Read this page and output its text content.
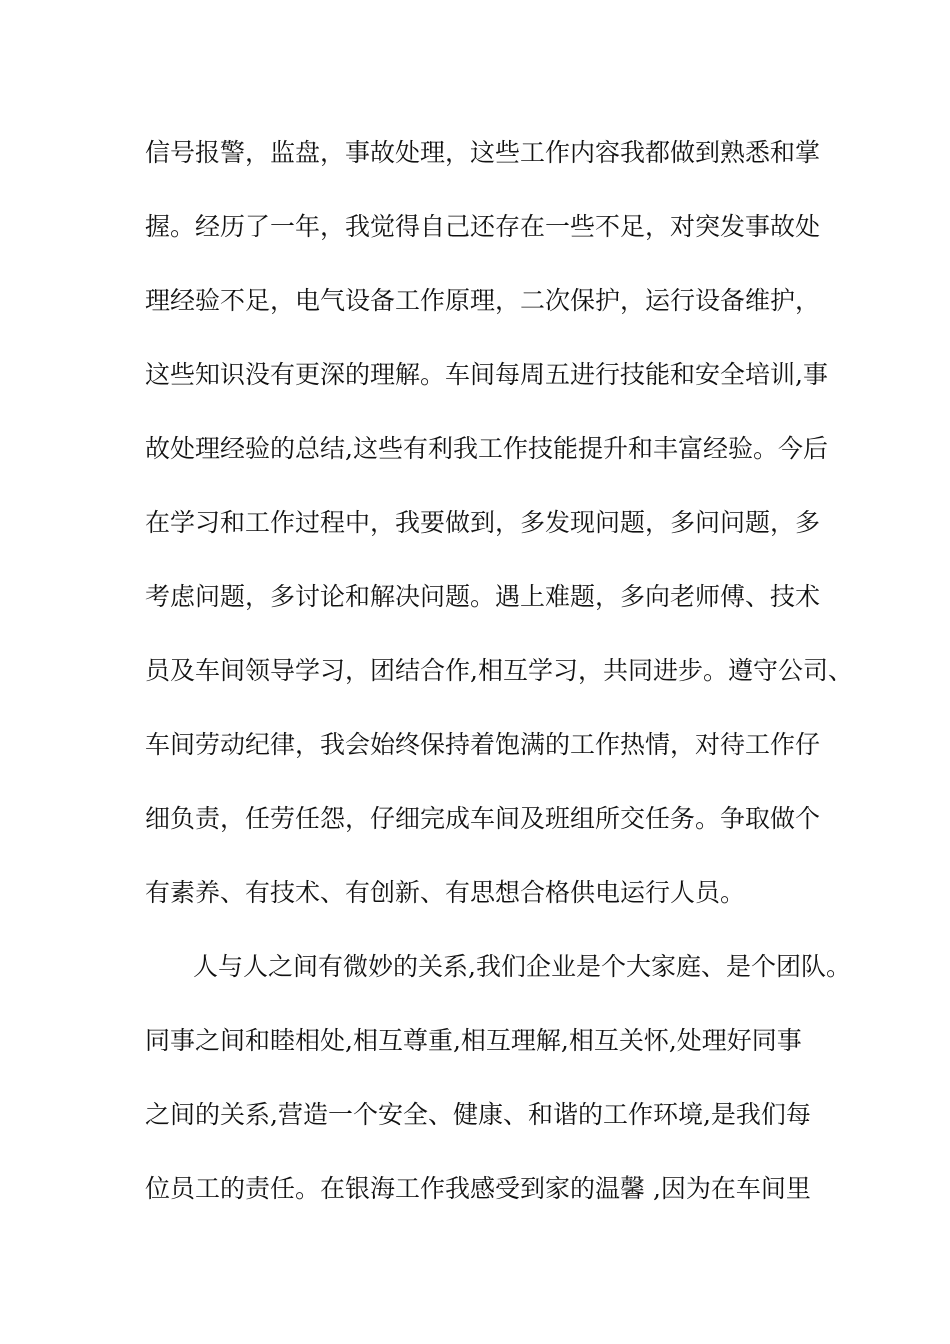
信号报警，监盘，事故处理，这些工作内容我都做到熟悉和掌
握。经历了一年，我觉得自己还存在一些不足，对突发事故处
理经验不足，电气设备工作原理，二次保护，运行设备维护，
这些知识没有更深的理解。车间每周五进行技能和安全培训,事
故处理经验的总结,这些有利我工作技能提升和丰富经验。今后
在学习和工作过程中，我要做到，多发现问题，多问问题，多
考虑问题，多讨论和解决问题。遇上难题，多向老师傅、技术
员及车间领导学习，团结合作,相互学习，共同进步。遵守公司、
车间劳动纪律，我会始终保持着饱满的工作热情，对待工作仔
细负责，任劳任怨，仔细完成车间及班组所交任务。争取做个
有素养、有技术、有创新、有思想合格供电运行人员。
人与人之间有微妙的关系,我们企业是个大家庭、是个团队。
同事之间和睦相处,相互尊重,相互理解,相互关怀,处理好同事
之间的关系,营造一个安全、健康、和谐的工作环境,是我们每
位员工的责任。在银海工作我感受到家的温馨 ,因为在车间里
